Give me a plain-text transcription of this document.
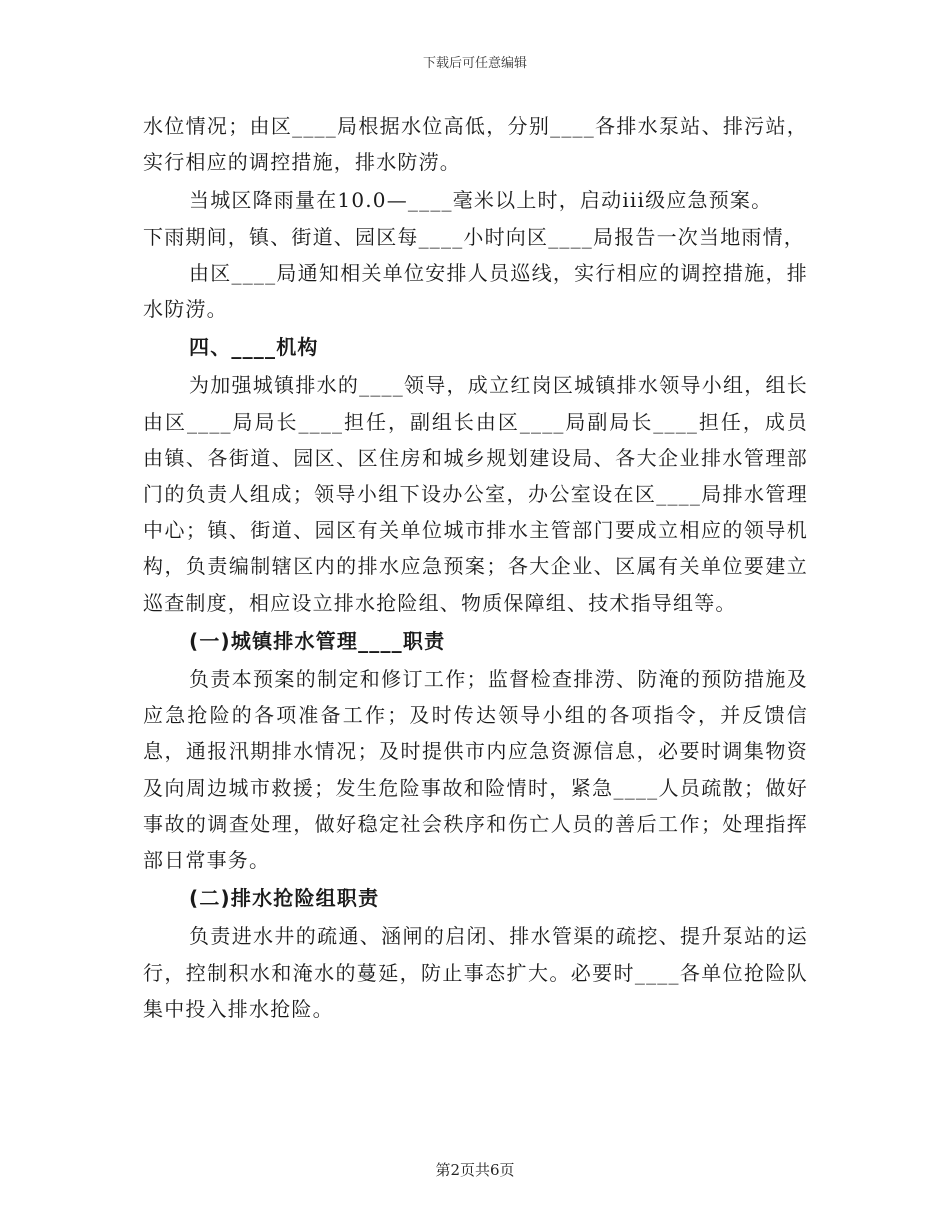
下载后可任意编辑

水位情况；由区____局根据水位高低，分别____各排水泵站、排污站，实行相应的调控措施，排水防涝。

当城区降雨量在10.0—____毫米以上时，启动iii级应急预案。

下雨期间，镇、街道、园区每____小时向区____局报告一次当地雨情，

由区____局通知相关单位安排人员巡线，实行相应的调控措施，排水防涝。

四、____机构

为加强城镇排水的____领导，成立红岗区城镇排水领导小组，组长由区____局局长____担任，副组长由区____局副局长____担任，成员由镇、各街道、园区、区住房和城乡规划建设局、各大企业排水管理部门的负责人组成；领导小组下设办公室，办公室设在区____局排水管理中心；镇、街道、园区有关单位城市排水主管部门要成立相应的领导机构，负责编制辖区内的排水应急预案；各大企业、区属有关单位要建立巡查制度，相应设立排水抢险组、物质保障组、技术指导组等。

(一)城镇排水管理____职责

负责本预案的制定和修订工作；监督检查排涝、防淹的预防措施及应急抢险的各项准备工作；及时传达领导小组的各项指令，并反馈信息，通报汛期排水情况；及时提供市内应急资源信息，必要时调集物资及向周边城市救援；发生危险事故和险情时，紧急____人员疏散；做好事故的调查处理，做好稳定社会秩序和伤亡人员的善后工作；处理指挥部日常事务。

(二)排水抢险组职责

负责进水井的疏通、涵闸的启闭、排水管渠的疏挖、提升泵站的运行，控制积水和淹水的蔓延，防止事态扩大。必要时____各单位抢险队集中投入排水抢险。

第2页共6页
